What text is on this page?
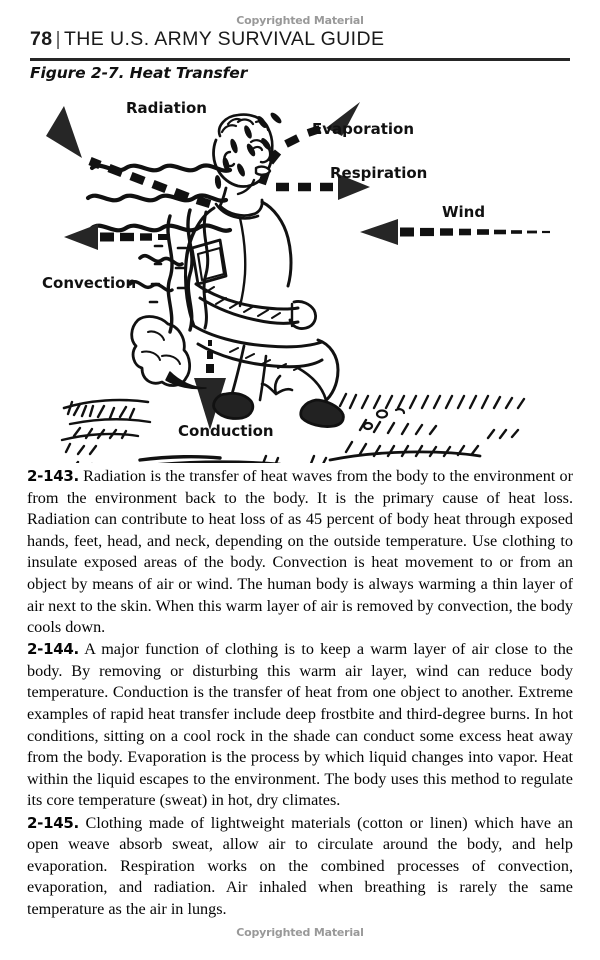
Copyrighted Material
78 | THE U.S. ARMY SURVIVAL GUIDE
Figure 2-7. Heat Transfer
Radiation
Evaporation
Respiration
Wind
Convection
Conduction

2-143. Radiation is the transfer of heat waves from the body to the environment or from the environment back to the body. It is the primary cause of heat loss. Radiation can contribute to heat loss of as 45 percent of body heat through exposed hands, feet, head, and neck, depending on the outside temperature. Use clothing to insulate exposed areas of the body. Convection is heat movement to or from an object by means of air or wind. The human body is always warming a thin layer of air next to the skin. When this warm layer of air is removed by convection, the body cools down.

2-144. A major function of clothing is to keep a warm layer of air close to the body. By removing or disturbing this warm air layer, wind can reduce body temperature. Conduction is the transfer of heat from one object to another. Extreme examples of rapid heat transfer include deep frostbite and third-degree burns. In hot conditions, sitting on a cool rock in the shade can conduct some excess heat away from the body. Evaporation is the process by which liquid changes into vapor. Heat within the liquid escapes to the environment. The body uses this method to regulate its core temperature (sweat) in hot, dry climates.

2-145. Clothing made of lightweight materials (cotton or linen) which have an open weave absorb sweat, allow air to circulate around the body, and help evaporation. Respiration works on the combined processes of convection, evaporation, and radiation. Air inhaled when breathing is rarely the same temperature as the air in lungs.

Copyrighted Material
